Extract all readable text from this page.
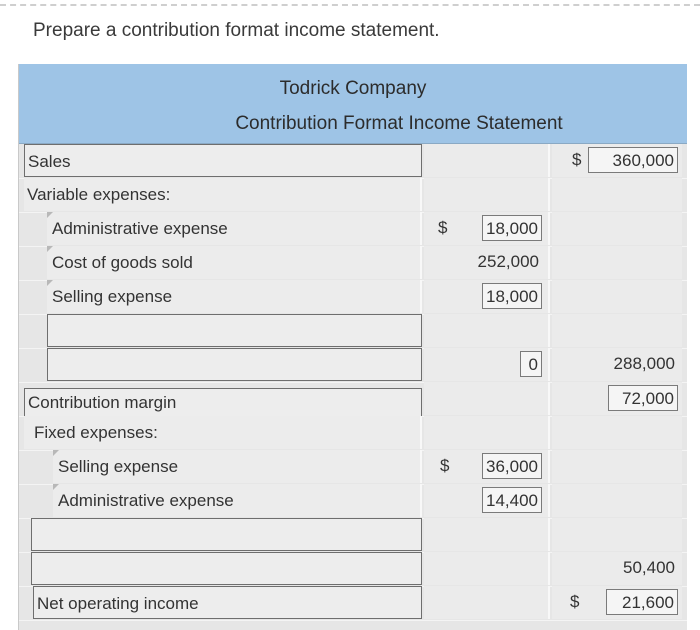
Prepare a contribution format income statement.
Todrick Company
Contribution Format Income Statement
Sales	$	360,000
Variable expenses:
Administrative expense	$ 18,000
Cost of goods sold	252,000
Selling expense	18,000
0	288,000
Contribution margin	72,000
Fixed expenses:
Selling expense	$ 36,000
Administrative expense	14,400
50,400
Net operating income	$	21,600
